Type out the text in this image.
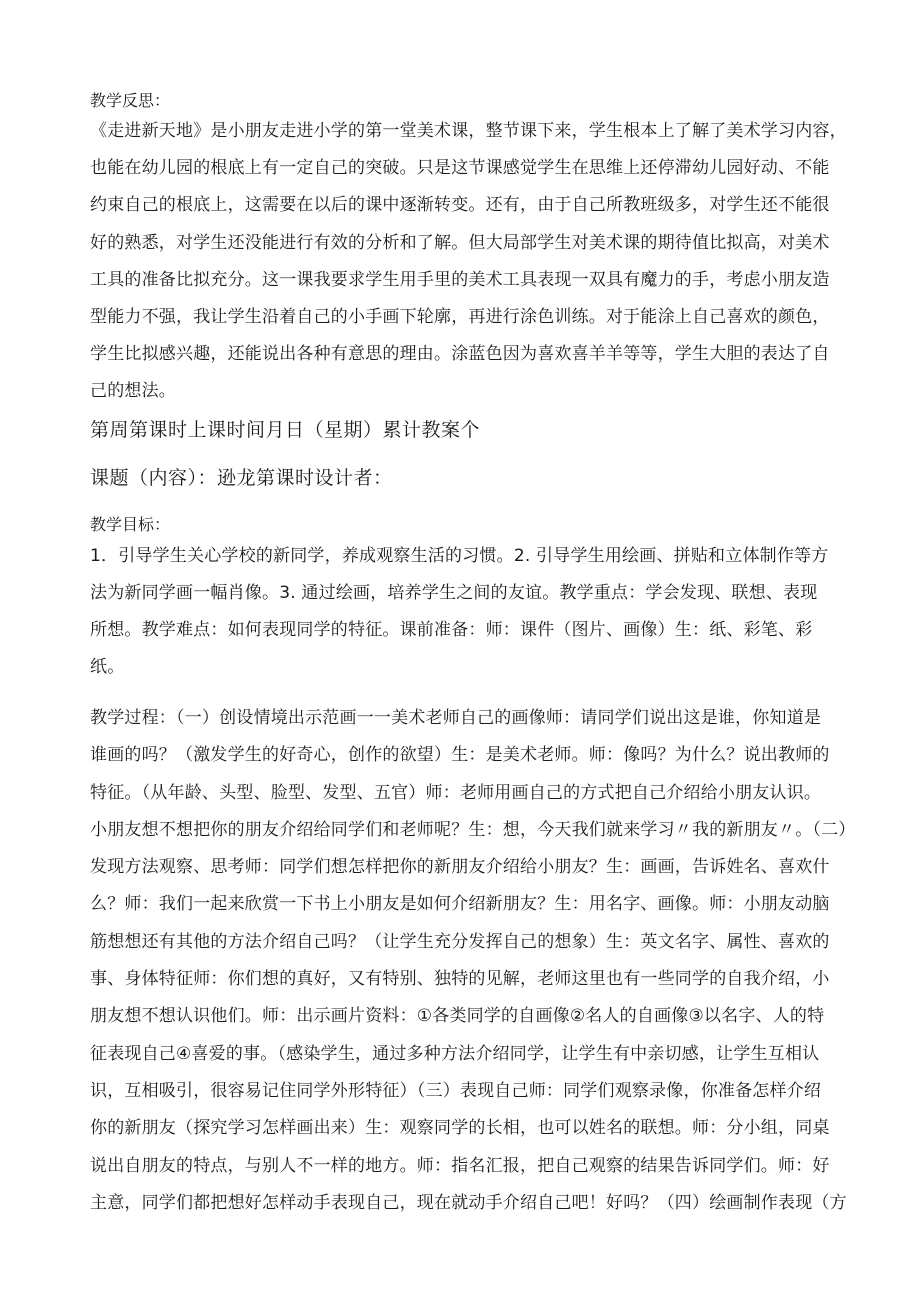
教学反思：
《走进新天地》是小朋友走进小学的第一堂美术课，整节课下来，学生根本上了解了美术学习内容，
也能在幼儿园的根底上有一定自己的突破。只是这节课感觉学生在思维上还停滞幼儿园好动、不能
约束自己的根底上，这需要在以后的课中逐渐转变。还有，由于自己所教班级多，对学生还不能很
好的熟悉，对学生还没能进行有效的分析和了解。但大局部学生对美术课的期待值比拟高，对美术
工具的准备比拟充分。这一课我要求学生用手里的美术工具表现一双具有魔力的手，考虑小朋友造
型能力不强，我让学生沿着自己的小手画下轮廓，再进行涂色训练。对于能涂上自己喜欢的颜色，
学生比拟感兴趣，还能说出各种有意思的理由。涂蓝色因为喜欢喜羊羊等等，学生大胆的表达了自
己的想法。
第周第课时上课时间月日（星期）累计教案个
课题（内容）：逊龙第课时设计者：
教学目标：
1．引导学生关心学校的新同学，养成观察生活的习惯。2. 引导学生用绘画、拼贴和立体制作等方
法为新同学画一幅肖像。3. 通过绘画，培养学生之间的友谊。教学重点：学会发现、联想、表现
所想。教学难点：如何表现同学的特征。课前准备：师：课件（图片、画像）生：纸、彩笔、彩
纸。
教学过程：（一）创设情境出示范画一一美术老师自己的画像师：请同学们说出这是谁，你知道是
谁画的吗？（激发学生的好奇心，创作的欲望）生：是美术老师。师：像吗？为什么？说出教师的
特征。（从年龄、头型、脸型、发型、五官）师：老师用画自己的方式把自己介绍给小朋友认识。
小朋友想不想把你的朋友介绍给同学们和老师呢？生：想，今天我们就来学习〃我的新朋友〃。（二）
发现方法观察、思考师：同学们想怎样把你的新朋友介绍给小朋友？生：画画，告诉姓名、喜欢什
么？师：我们一起来欣赏一下书上小朋友是如何介绍新朋友？生：用名字、画像。师：小朋友动脑
筋想想还有其他的方法介绍自己吗？（让学生充分发挥自己的想象）生：英文名字、属性、喜欢的
事、身体特征师：你们想的真好，又有特别、独特的见解，老师这里也有一些同学的自我介绍，小
朋友想不想认识他们。师：出示画片资料：①各类同学的自画像②名人的自画像③以名字、人的特
征表现自己④喜爱的事。（感染学生，通过多种方法介绍同学，让学生有中亲切感，让学生互相认
识，互相吸引，很容易记住同学外形特征）（三）表现自己师：同学们观察录像，你准备怎样介绍
你的新朋友（探究学习怎样画出来）生：观察同学的长相，也可以姓名的联想。师：分小组，同桌
说出自朋友的特点，与别人不一样的地方。师：指名汇报，把自己观察的结果告诉同学们。师：好
主意，同学们都把想好怎样动手表现自己，现在就动手介绍自己吧！好吗？（四）绘画制作表现（方
